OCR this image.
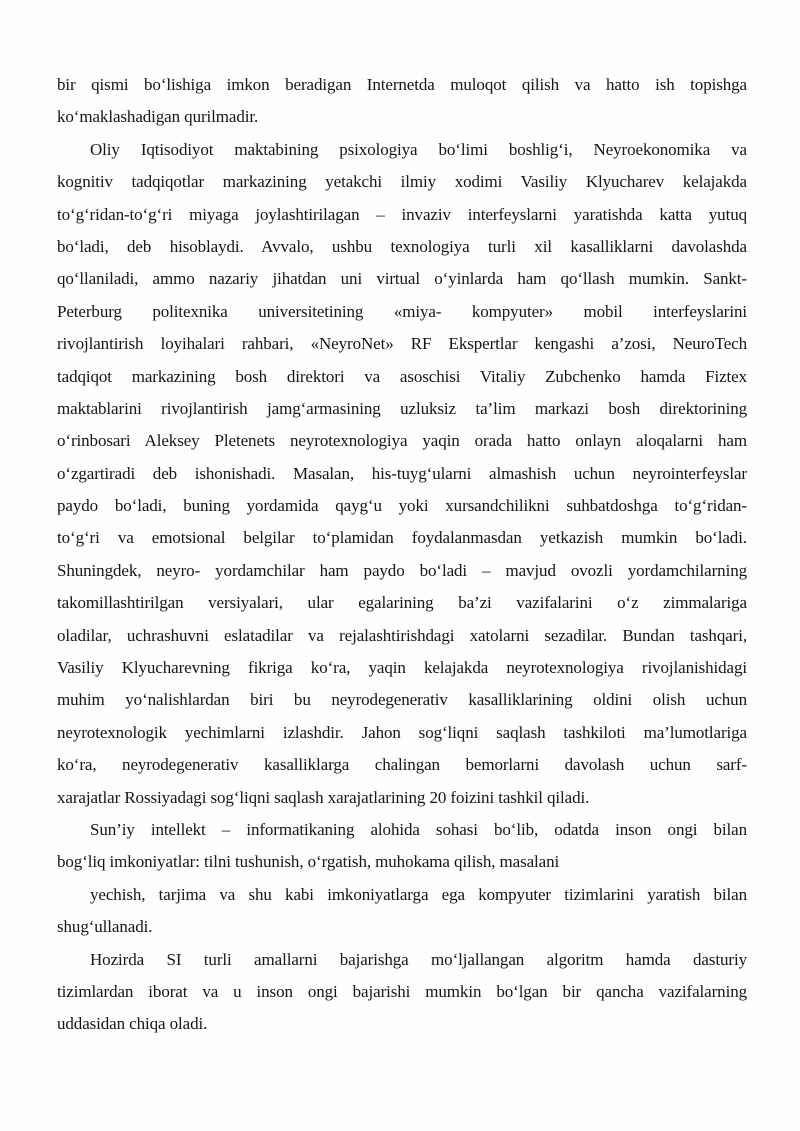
bir qismi boʻlishiga imkon beradigan Internetda muloqot qilish va hatto ish topishga
koʻmaklashadigan qurilmadir.
Oliy Iqtisodiyot maktabining psixologiya boʻlimi boshligʻi, Neyroekonomika va
kognitiv tadqiqotlar markazining yetakchi ilmiy xodimi Vasiliy Klyucharev kelajakda
toʻgʻridan-toʻgʻri miyaga joylashtirilagan – invaziv interfeyslarni yaratishda katta yutuq
boʻladi, deb hisoblaydi. Avvalo, ushbu texnologiya turli xil kasalliklarni davolashda
qoʻllaniladi, ammo nazariy jihatdan uni virtual oʻyinlarda ham qoʻllash mumkin. Sankt-
Peterburg politexnika universitetining «miya- kompyuter» mobil interfeyslarini
rivojlantirish loyihalari rahbari, «NeyroNet» RF Ekspertlar kengashi a’zosi, NeuroTech
tadqiqot markazining bosh direktori va asoschisi Vitaliy Zubchenko hamda Fiztex
maktablarini rivojlantirish jamgʻarmasining uzluksiz ta’lim markazi bosh direktorining
oʻrinbosari Aleksey Pletenets neyrotexnologiya yaqin orada hatto onlayn aloqalarni ham
oʻzgartiradi deb ishonishadi. Masalan, his-tuygʻularni almashish uchun neyrointerfeyslar
paydo boʻladi, buning yordamida qaygʻu yoki xursandchilikni suhbatdoshga toʻgʻridan-
toʻgʻri va emotsional belgilar toʻplamidan foydalanmasdan yetkazish mumkin boʻladi.
Shuningdek, neyro- yordamchilar ham paydo boʻladi – mavjud ovozli yordamchilarning
takomillashtirilgan versiyalari, ular egalarining ba’zi vazifalarini oʻz zimmalariga
oladilar, uchrashuvni eslatadilar va rejalashtirishdagi xatolarni sezadilar. Bundan tashqari,
Vasiliy Klyucharevning fikriga koʻra, yaqin kelajakda neyrotexnologiya rivojlanishidagi
muhim yoʻnalishlardan biri bu neyrodegenerativ kasalliklarining oldini olish uchun
neyrotexnologik yechimlarni izlashdir. Jahon sogʻliqni saqlash tashkiloti ma’lumotlariga
koʻra, neyrodegenerativ kasalliklarga chalingan bemorlarni davolash uchun sarf-
xarajatlar Rossiyadagi sogʻliqni saqlash xarajatlarining 20 foizini tashkil qiladi.
Sun’iy intellekt – informatikaning alohida sohasi boʻlib, odatda inson ongi bilan
bogʻliq imkoniyatlar: tilni tushunish, oʻrgatish, muhokama qilish, masalani
yechish, tarjima va shu kabi imkoniyatlarga ega kompyuter tizimlarini yaratish bilan
shugʻullanadi.
Hozirda SI turli amallarni bajarishga moʻljallangan algoritm hamda dasturiy
tizimlardan iborat va u inson ongi bajarishi mumkin boʻlgan bir qancha vazifalarning
uddasidan chiqa oladi.
